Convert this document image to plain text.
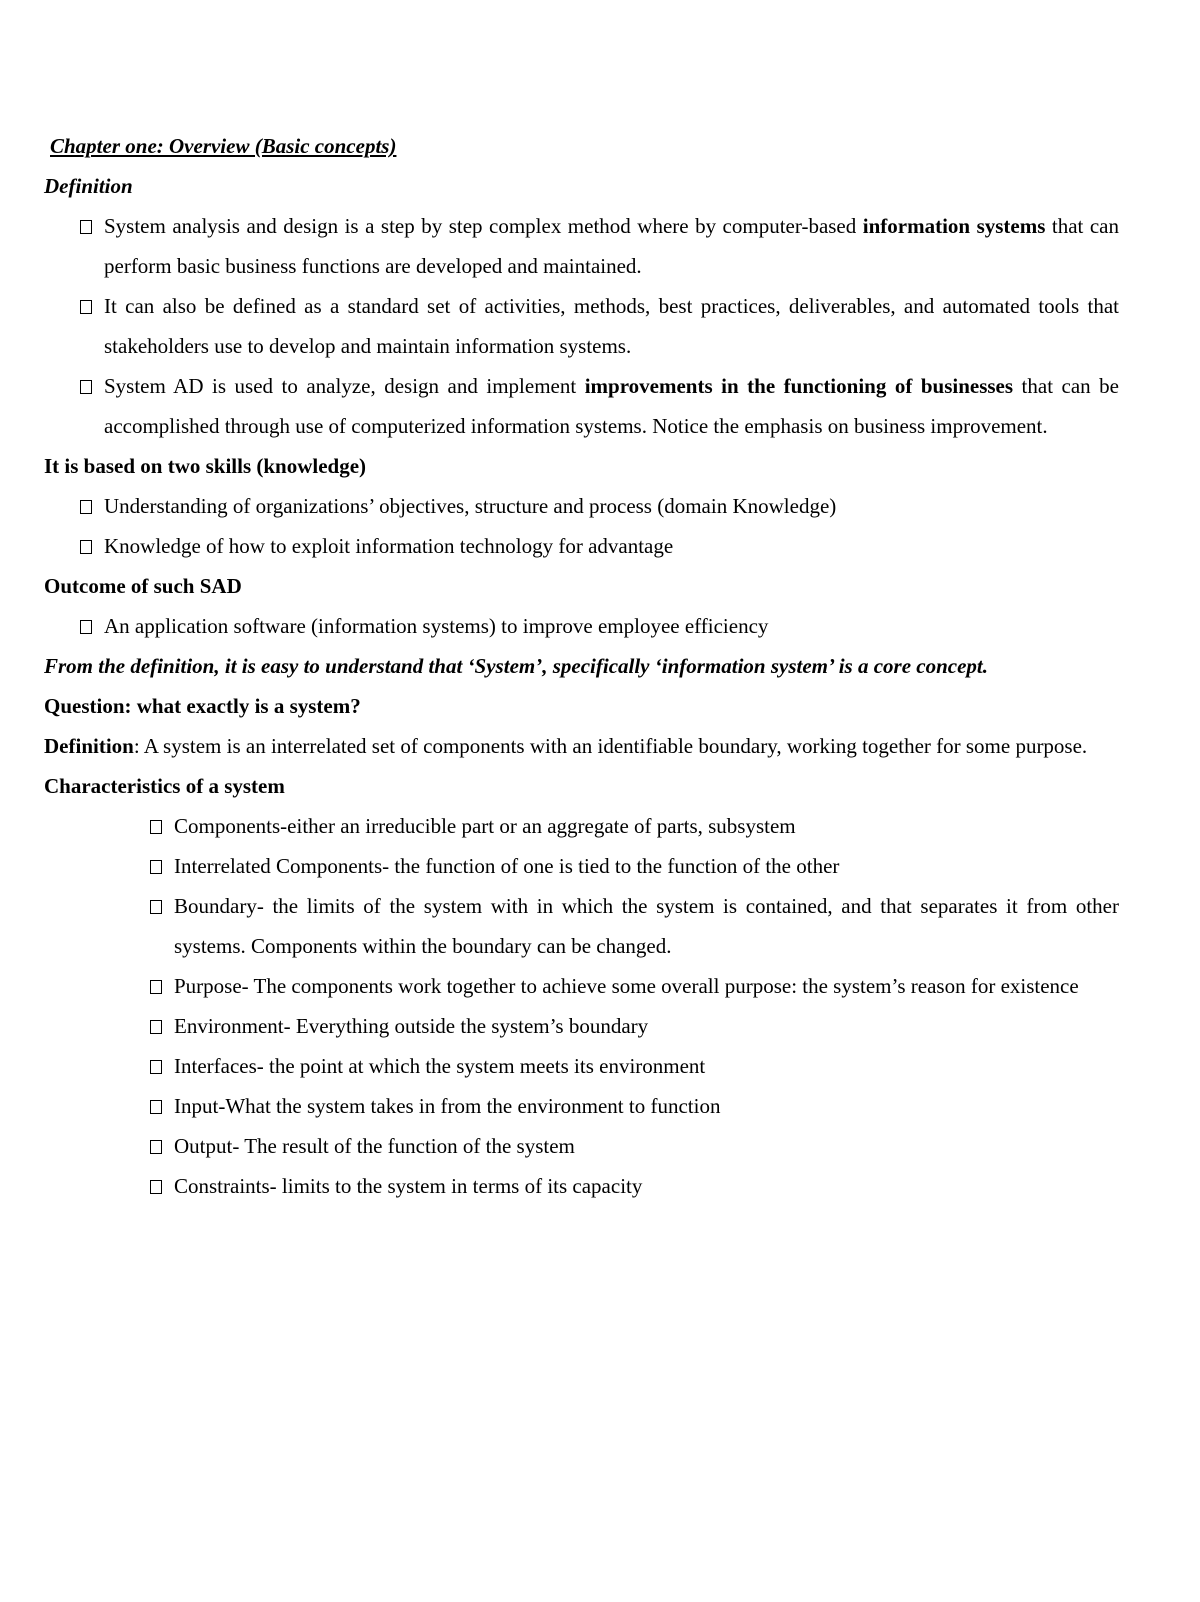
Chapter one: Overview (Basic concepts)
Definition
System analysis and design is a step by step complex method where by computer-based information systems that can perform basic business functions are developed and maintained.
It can also be defined as a standard set of activities, methods, best practices, deliverables, and automated tools that stakeholders use to develop and maintain information systems.
System AD is used to analyze, design and implement improvements in the functioning of businesses that can be accomplished through use of computerized information systems. Notice the emphasis on business improvement.
It is based on two skills (knowledge)
Understanding of organizations’ objectives, structure and process (domain Knowledge)
Knowledge of how to exploit information technology for advantage
Outcome of such SAD
An application software (information systems) to improve employee efficiency
From the definition, it is easy to understand that ‘System’, specifically ‘information system’ is a core concept.
Question: what exactly is a system?
Definition: A system is an interrelated set of components with an identifiable boundary, working together for some purpose.
Characteristics of a system
Components-either an irreducible part or an aggregate of parts, subsystem
Interrelated Components- the function of one is tied to the function of the other
Boundary- the limits of the system with in which the system is contained, and that separates it from other systems. Components within the boundary can be changed.
Purpose- The components work together to achieve some overall purpose: the system’s reason for existence
Environment- Everything outside the system’s boundary
Interfaces- the point at which the system meets its environment
Input-What the system takes in from the environment to function
Output- The result of the function of the system
Constraints- limits to the system in terms of its capacity
